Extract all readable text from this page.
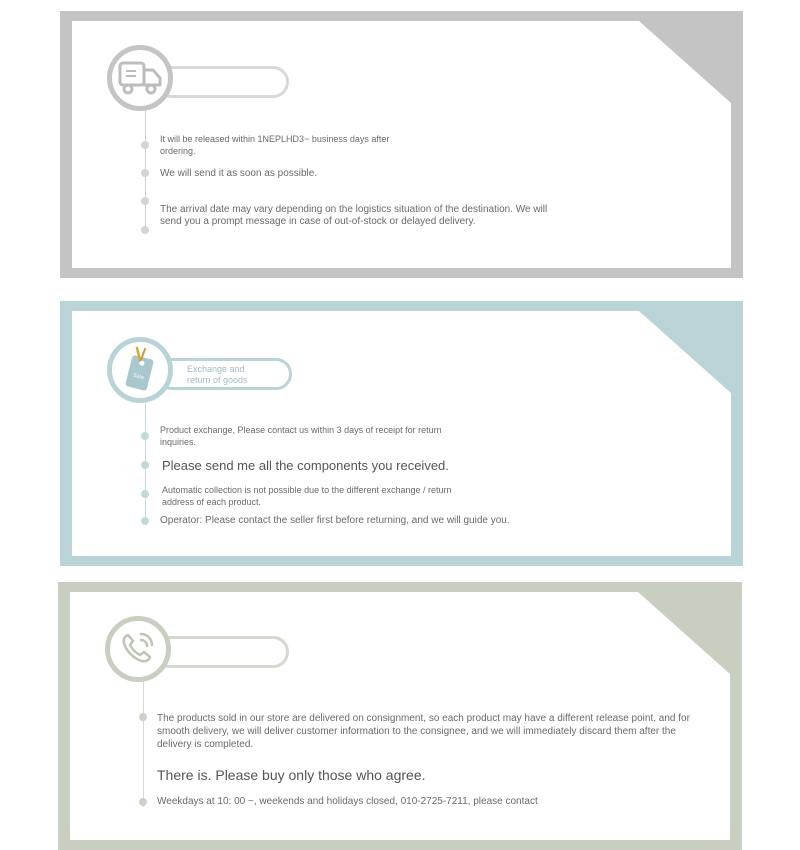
It will be released within 1NEPLHD3~ business days after ordering.
We will send it as soon as possible.
The arrival date may vary depending on the logistics situation of the destination. We will send you a prompt message in case of out-of-stock or delayed delivery.
Sale
Exchange and return of goods
Product exchange, Please contact us within 3 days of receipt for return inquiries.
Please send me all the components you received.
Automatic collection is not possible due to the different exchange / return address of each product.
Operator: Please contact the seller first before returning, and we will guide you.
The products sold in our store are delivered on consignment, so each product may have a different release point, and for smooth delivery, we will deliver customer information to the consignee, and we will immediately discard them after the delivery is completed.
There is. Please buy only those who agree.
Weekdays at 10: 00 ~, weekends and holidays closed, 010-2725-7211, please contact
